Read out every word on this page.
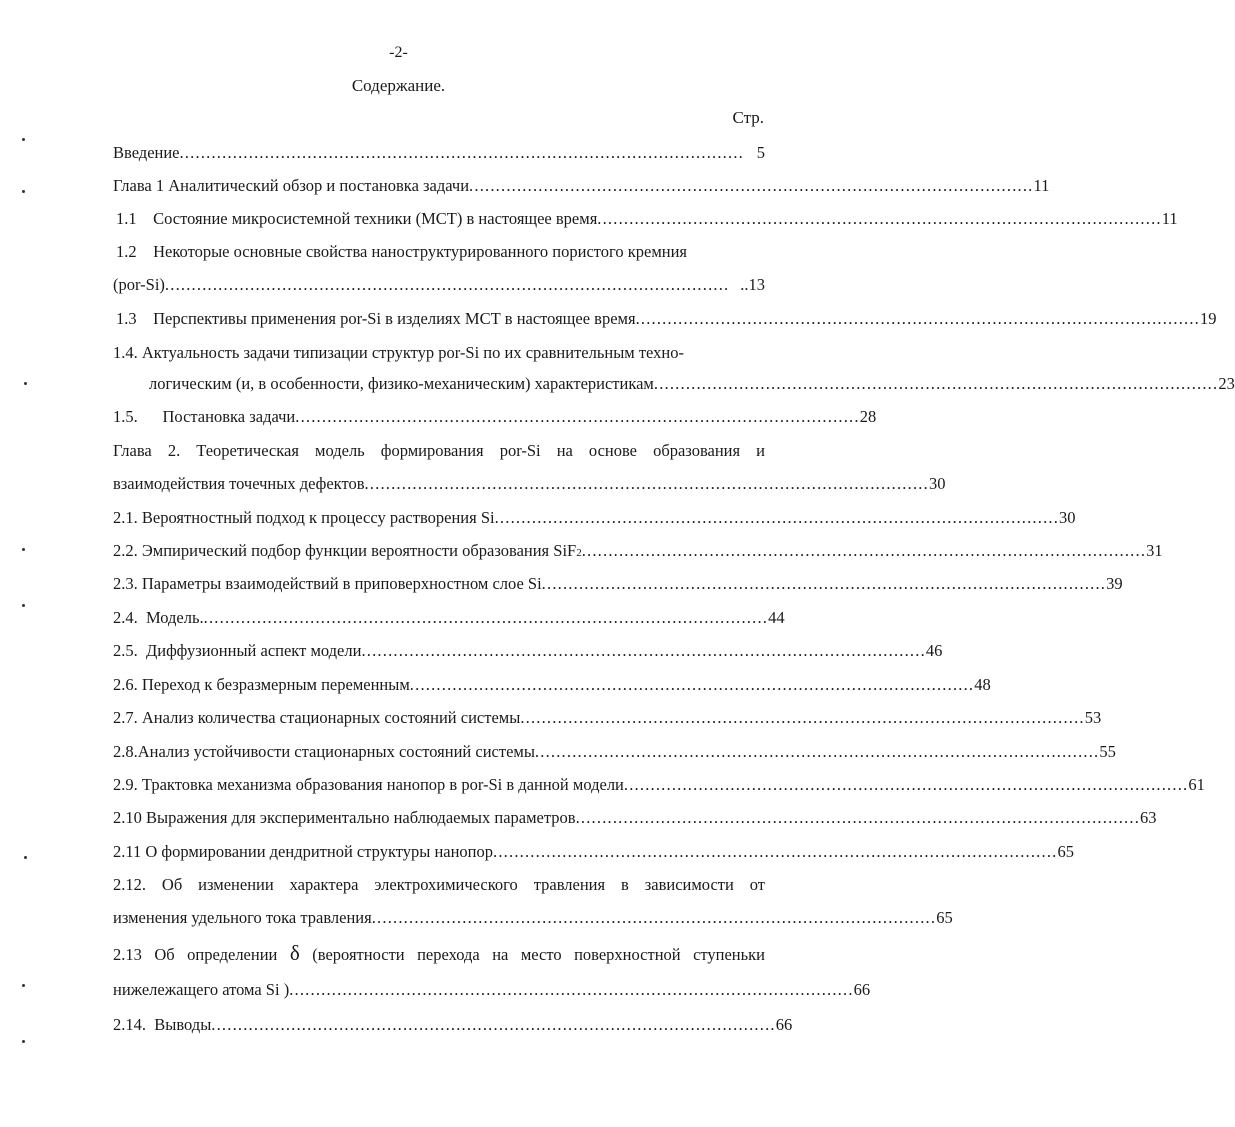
-2-
Содержание.
Стр.
Введение .......................................................................................................... 5
Глава 1 Аналитический обзор и постановка задачи .......................................................................................................... 11
1.1    Состояние микросистемной техники (МСТ) в настоящее время .......................................................................................................... 11
1.2    Некоторые основные свойства наноструктурированного пористого кремния
(por-Si) .......................................................................................................... ..13
1.3    Перспективы применения por-Si в изделиях МСТ в настоящее время .......................................................................................................... 19
1.4. Актуальность задачи типизации структур por-Si по их сравнительным техно-
логическим (и, в особенности, физико-механическим) характеристикам .......................................................................................................... 23
1.5.      Постановка задачи .......................................................................................................... 28
Глава 2. Теоретическая модель формирования por-Si на основе образования и
взаимодействия точечных дефектов .......................................................................................................... 30
2.1. Вероятностный подход к процессу растворения Si .......................................................................................................... 30
2.2. Эмпирический подбор функции вероятности образования SiF 2 .......................................................................................................... 31
2.3. Параметры взаимодействий в приповерхностном слое Si .......................................................................................................... 39
2.4.  Модель. .......................................................................................................... 44
2.5.  Диффузионный аспект модели .......................................................................................................... 46
2.6. Переход к безразмерным переменным .......................................................................................................... 48
2.7. Анализ количества стационарных состояний системы .......................................................................................................... 53
2.8.Анализ устойчивости стационарных состояний системы .......................................................................................................... 55
2.9. Трактовка механизма образования нанопор в por-Si в данной модели .......................................................................................................... 61
2.10 Выражения для экспериментально наблюдаемых параметров .......................................................................................................... 63
2.11 О формировании дендритной структуры нанопор .......................................................................................................... 65
2.12. Об изменении характера электрохимического травления в зависимости от
изменения удельного тока травления .......................................................................................................... 65
2.13 Об определении δ (вероятности перехода на место поверхностной ступеньки
нижележащего атома Si ) .......................................................................................................... 66
2.14.  Выводы .......................................................................................................... 66
